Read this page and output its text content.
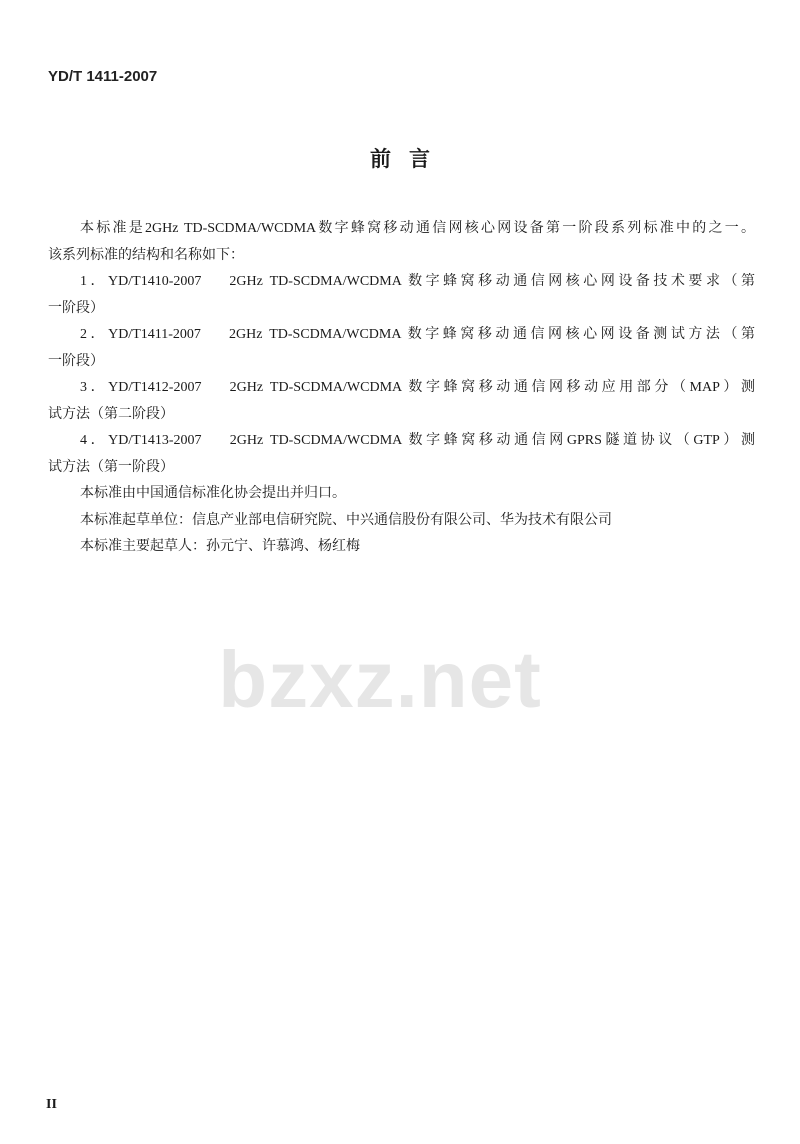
YD/T 1411-2007
前言
本标准是2GHz TD-SCDMA/WCDMA数字蜂窝移动通信网核心网设备第一阶段系列标准中的之一。
该系列标准的结构和名称如下：
1．YD/T1410-2007　 2GHz TD-SCDMA/WCDMA 数字蜂窝移动通信网核心网设备技术要求（第
一阶段）
2．YD/T1411-2007　 2GHz TD-SCDMA/WCDMA 数字蜂窝移动通信网核心网设备测试方法（第
一阶段）
3．YD/T1412-2007　 2GHz TD-SCDMA/WCDMA 数字蜂窝移动通信网移动应用部分（MAP）测
试方法（第二阶段）
4．YD/T1413-2007　 2GHz TD-SCDMA/WCDMA 数字蜂窝移动通信网GPRS隧道协议（GTP）测
试方法（第一阶段）
本标准由中国通信标准化协会提出并归口。
本标准起草单位：信息产业部电信研究院、中兴通信股份有限公司、华为技术有限公司
本标准主要起草人：孙元宁、许慕鸿、杨红梅
bzxz.net
II
